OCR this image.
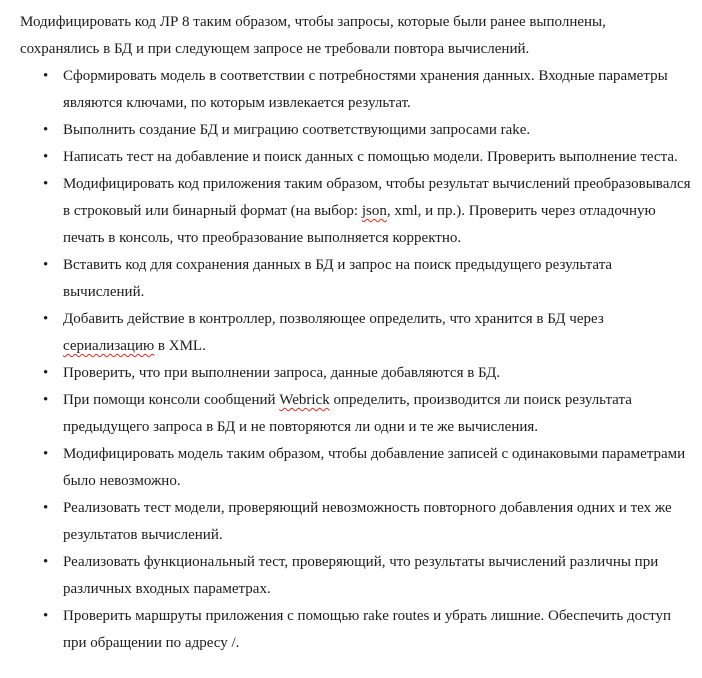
Модифицировать код ЛР 8 таким образом, чтобы запросы, которые были ранее выполнены, сохранялись в БД и при следующем запросе не требовали повтора вычислений.

• Сформировать модель в соответствии с потребностями хранения данных. Входные параметры являются ключами, по которым извлекается результат.
• Выполнить создание БД и миграцию соответствующими запросами rake.
• Написать тест на добавление и поиск данных с помощью модели. Проверить выполнение теста.
• Модифицировать код приложения таким образом, чтобы результат вычислений преобразовывался в строковый или бинарный формат (на выбор: json, xml, и пр.). Проверить через отладочную печать в консоль, что преобразование выполняется корректно.
• Вставить код для сохранения данных в БД и запрос на поиск предыдущего результата вычислений.
• Добавить действие в контроллер, позволяющее определить, что хранится в БД через сериализацию в XML.
• Проверить, что при выполнении запроса, данные добавляются в БД.
• При помощи консоли сообщений Webrick определить, производится ли поиск результата предыдущего запроса в БД и не повторяются ли одни и те же вычисления.
• Модифицировать модель таким образом, чтобы добавление записей с одинаковыми параметрами было невозможно.
• Реализовать тест модели, проверяющий невозможность повторного добавления одних и тех же результатов вычислений.
• Реализовать функциональный тест, проверяющий, что результаты вычислений различны при различных входных параметрах.
• Проверить маршруты приложения с помощью rake routes и убрать лишние. Обеспечить доступ при обращении по адресу /.
